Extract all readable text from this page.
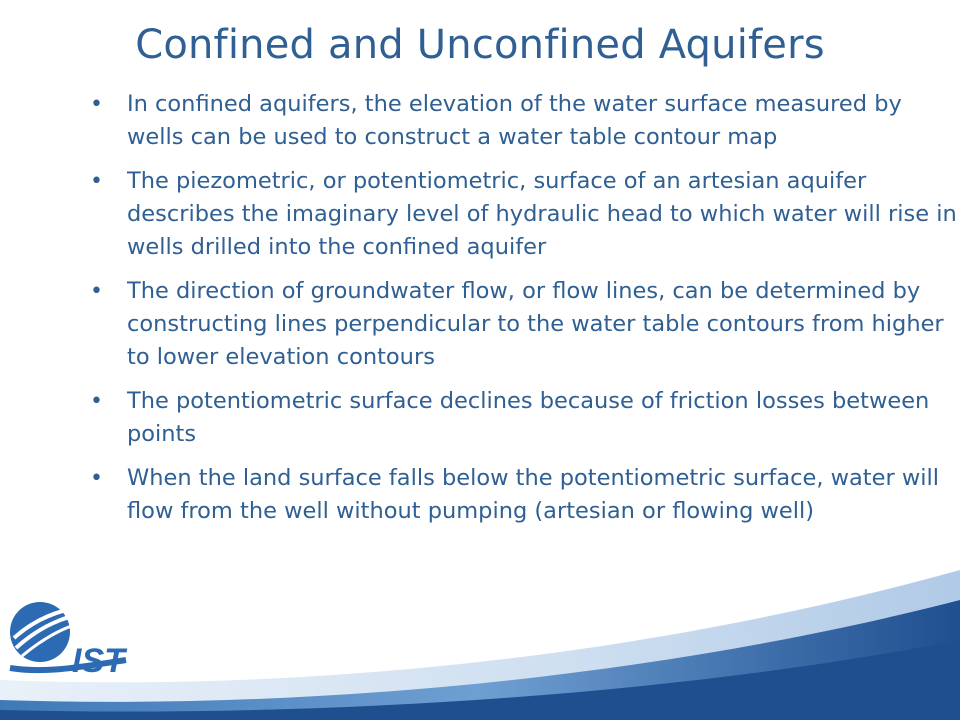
Confined and Unconfined Aquifers
• In confined aquifers, the elevation of the water surface measured by wells can be used to construct a water table contour map
• The piezometric, or potentiometric, surface of an artesian aquifer describes the imaginary level of hydraulic head to which water will rise in wells drilled into the confined aquifer
• The direction of groundwater flow, or flow lines, can be determined by constructing lines perpendicular to the water table contours from higher to lower elevation contours
• The potentiometric surface declines because of friction losses between points
• When the land surface falls below the potentiometric surface, water will flow from the well without pumping (artesian or flowing well)
IST
